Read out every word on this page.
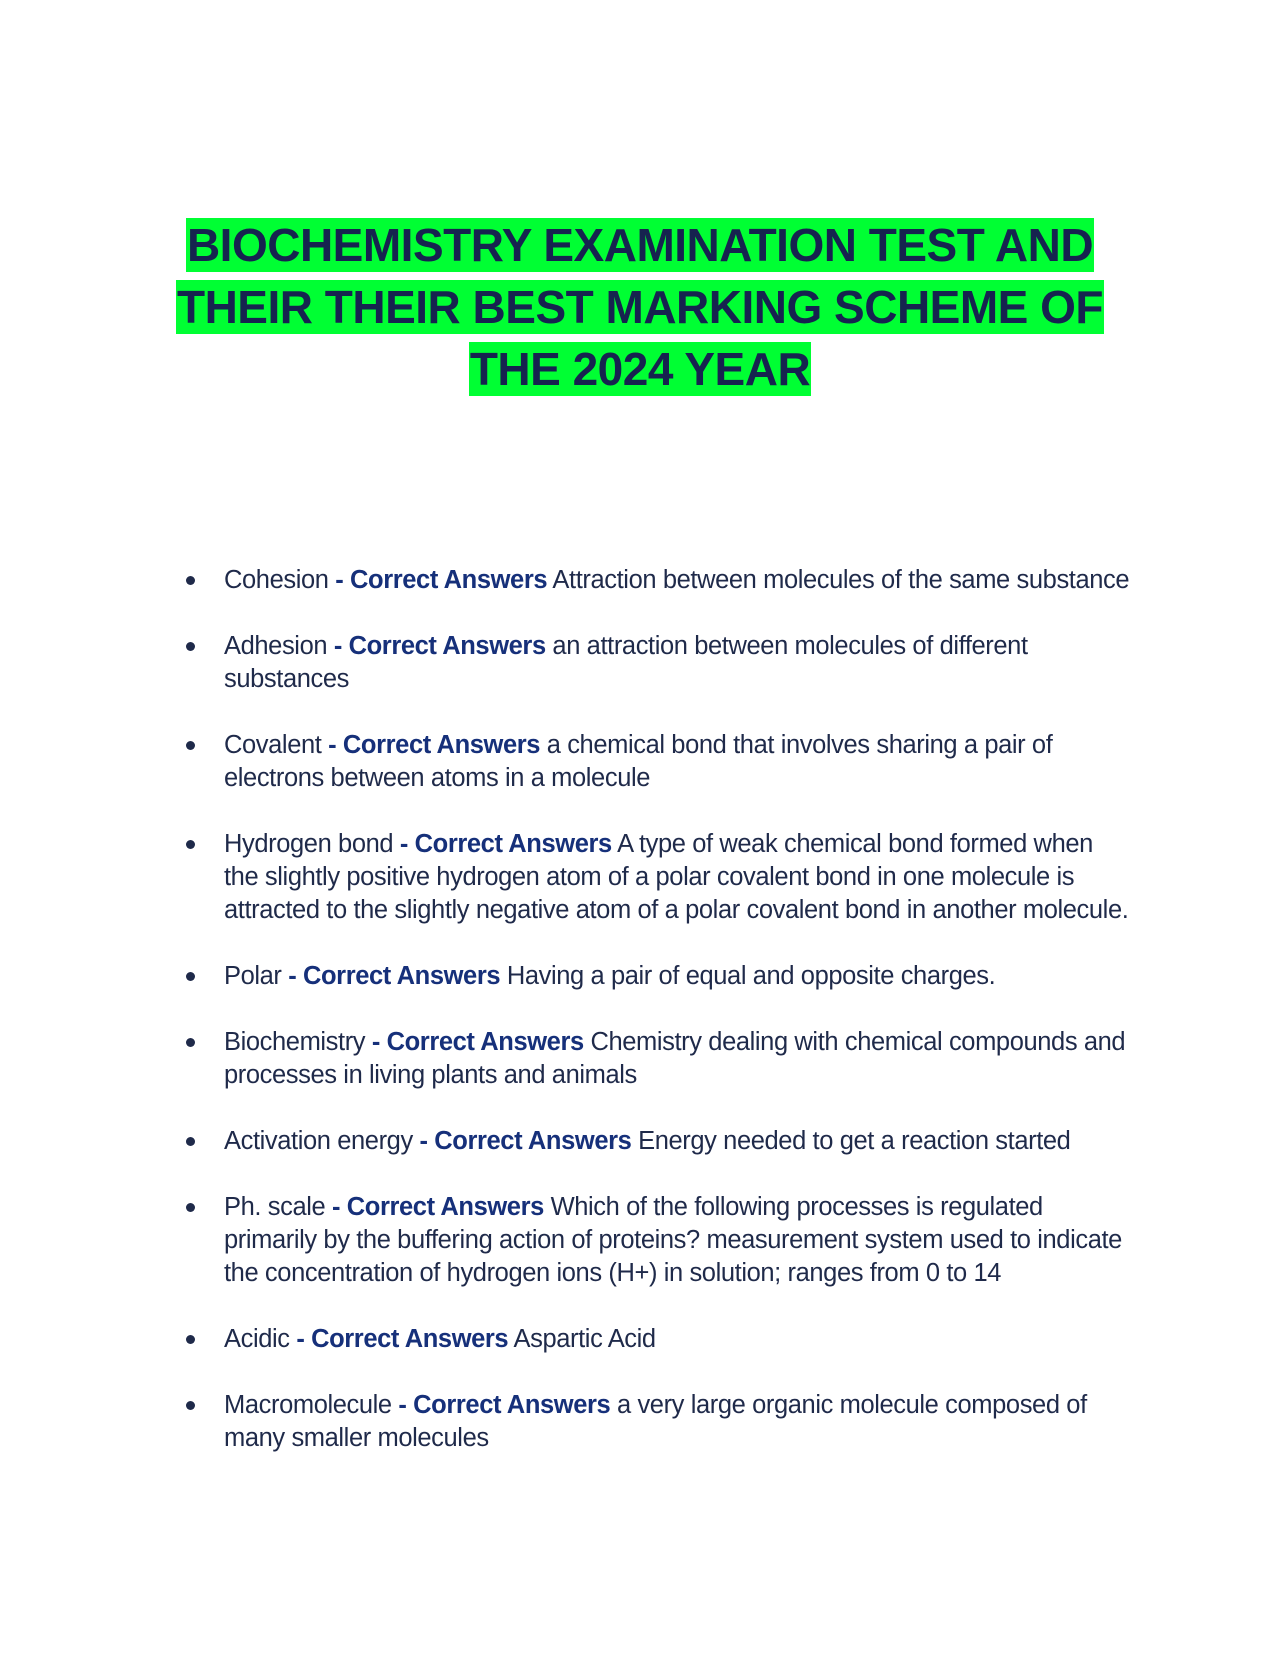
BIOCHEMISTRY EXAMINATION TEST AND
THEIR THEIR BEST MARKING SCHEME OF
THE 2024 YEAR
Cohesion - Correct Answers Attraction between molecules of the same substance
Adhesion - Correct Answers an attraction between molecules of different substances
Covalent - Correct Answers a chemical bond that involves sharing a pair of electrons between atoms in a molecule
Hydrogen bond - Correct Answers A type of weak chemical bond formed when the slightly positive hydrogen atom of a polar covalent bond in one molecule is attracted to the slightly negative atom of a polar covalent bond in another molecule.
Polar - Correct Answers Having a pair of equal and opposite charges.
Biochemistry - Correct Answers Chemistry dealing with chemical compounds and processes in living plants and animals
Activation energy - Correct Answers Energy needed to get a reaction started
Ph. scale - Correct Answers Which of the following processes is regulated primarily by the buffering action of proteins? measurement system used to indicate the concentration of hydrogen ions (H+) in solution; ranges from 0 to 14
Acidic - Correct Answers Aspartic Acid
Macromolecule - Correct Answers a very large organic molecule composed of many smaller molecules
